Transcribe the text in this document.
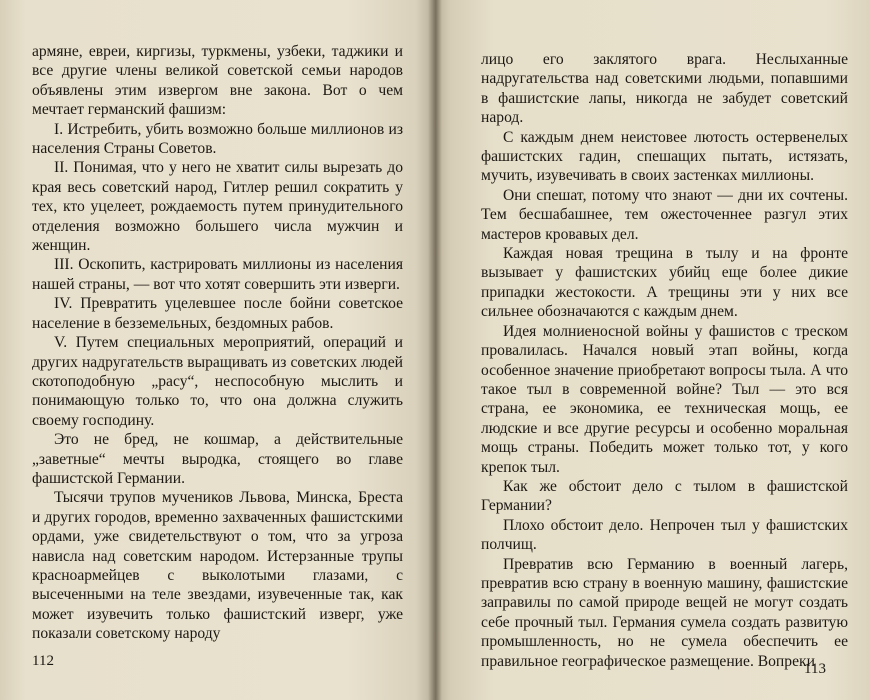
армяне, евреи, киргизы, туркмены, узбеки, таджики и все другие члены великой советской семьи народов объявлены этим извергом вне закона. Вот о чем мечтает германский фашизм:

I. Истребить, убить возможно больше миллионов из населения Страны Советов.

II. Понимая, что у него не хватит силы вырезать до края весь советский народ, Гитлер решил сократить у тех, кто уцелеет, рождаемость путем принудительного отделения возможно большего числа мужчин и женщин.

III. Оскопить, кастрировать миллионы из населения нашей страны, — вот что хотят совершить эти изверги.

IV. Превратить уцелевшее после бойни советское население в безземельных, бездомных рабов.

V. Путем специальных мероприятий, операций и других надругательств выращивать из советских людей скотоподобную „расу“, неспособную мыслить и понимающую только то, что она должна служить своему господину.

Это не бред, не кошмар, а действительные „заветные“ мечты выродка, стоящего во главе фашистской Германии.

Тысячи трупов мучеников Львова, Минска, Бреста и других городов, временно захваченных фашистскими ордами, уже свидетельствуют о том, что за угроза нависла над советским народом. Истерзанные трупы красноармейцев с выколотыми глазами, с высеченными на теле звездами, изувеченные так, как может изувечить только фашистский изверг, уже показали советскому народу

112

лицо его заклятого врага. Неслыханные надругательства над советскими людьми, попавшими в фашистские лапы, никогда не забудет советский народ.

С каждым днем неистовее лютость остервенелых фашистских гадин, спешащих пытать, истязать, мучить, изувечивать в своих застенках миллионы.

Они спешат, потому что знают — дни их сочтены. Тем бесшабашнее, тем ожесточеннее разгул этих мастеров кровавых дел.

Каждая новая трещина в тылу и на фронте вызывает у фашистских убийц еще более дикие припадки жестокости. А трещины эти у них все сильнее обозначаются с каждым днем.

Идея молниеносной войны у фашистов с треском провалилась. Начался новый этап войны, когда особенное значение приобретают вопросы тыла. А что такое тыл в современной войне? Тыл — это вся страна, ее экономика, ее техническая мощь, ее людские и все другие ресурсы и особенно моральная мощь страны. Победить может только тот, у кого крепок тыл.

Как же обстоит дело с тылом в фашистской Германии?

Плохо обстоит дело. Непрочен тыл у фашистских полчищ.

Превратив всю Германию в военный лагерь, превратив всю страну в военную машину, фашистские заправилы по самой природе вещей не могут создать себе прочный тыл. Германия сумела создать развитую промышленность, но не сумела обеспечить ее правильное географическое размещение. Вопреки

113
